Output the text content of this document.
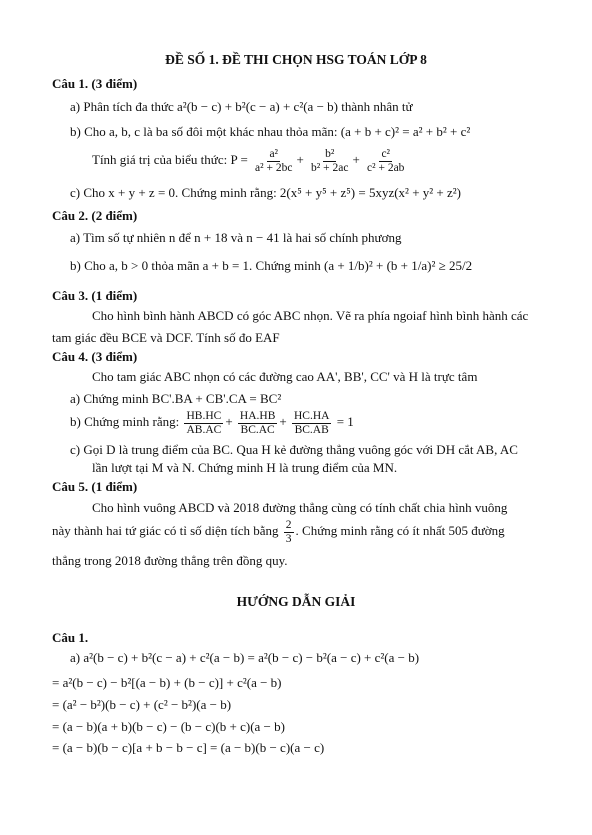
ĐỀ SỐ 1. ĐỀ THI CHỌN HSG TOÁN LỚP 8
Câu 1. (3 điểm)
a) Phân tích đa thức a²(b − c) + b²(c − a) + c²(a − b) thành nhân tử
b) Cho a, b, c là ba số đôi một khác nhau thỏa mãn: (a + b + c)² = a² + b² + c²
Tính giá trị của biểu thức: $P = \frac{\text{a²}}{\text{a² + 2bc}} + \frac{\text{b²}}{\text{b² + 2ac}} + \frac{\text{c²}}{\text{c² + 2ab}}$
c) Cho x + y + z = 0. Chứng minh rằng: 2(x⁵ + y⁵ + z⁵) = 5xyz(x² + y² + z²)
Câu 2. (2 điểm)
a) Tìm số tự nhiên n để n + 18 và n − 41 là hai số chính phương
b) Cho a, b > 0 thỏa mãn a + b = 1. Chứng minh (a + 1/b)² + (b + 1/a)² ≥ 25/2
Câu 3. (1 điểm)
Cho hình bình hành ABCD có góc ABC nhọn. Vẽ ra phía ngoiaf hình bình hành các
tam giác đều BCE và DCF. Tính số đo EAF
Câu 4. (3 điểm)
Cho tam giác ABC nhọn có các đường cao AA', BB', CC' và H là trực tâm
a) Chứng minh BC'.BA + CB'.CA = BC²
b) Chứng minh rằng: $\frac{HB.HC}{AB.AC} + \frac{HA.HB}{BC.AC} + \frac{HC.HA}{BC.AB} = 1$
c) Gọi D là trung điểm của BC. Qua H kẻ đường thẳng vuông góc với DH cắt AB, AC
lần lượt tại M và N. Chứng minh H là trung điểm của MN.
Câu 5. (1 điểm)
Cho hình vuông ABCD và 2018 đường thẳng cùng có tính chất chia hình vuông
này thành hai tứ giác có tỉ số diện tích bằng $\frac{2}{3}$ . Chứng minh rằng có ít nhất 505 đường
thẳng trong 2018 đường thẳng trên đồng quy.
HƯỚNG DẪN GIẢI
Câu 1.
a) a²(b − c) + b²(c − a) + c²(a − b) = a²(b − c) − b²(a − c) + c²(a − b)
= a²(b − c) − b²[(a − b) + (b − c)] + c²(a − b)
= (a² − b²)(b − c) + (c² − b²)(a − b)
= (a − b)(a + b)(b − c) − (b − c)(b + c)(a − b)
= (a − b)(b − c)[a + b − b − c] = (a − b)(b − c)(a − c)
